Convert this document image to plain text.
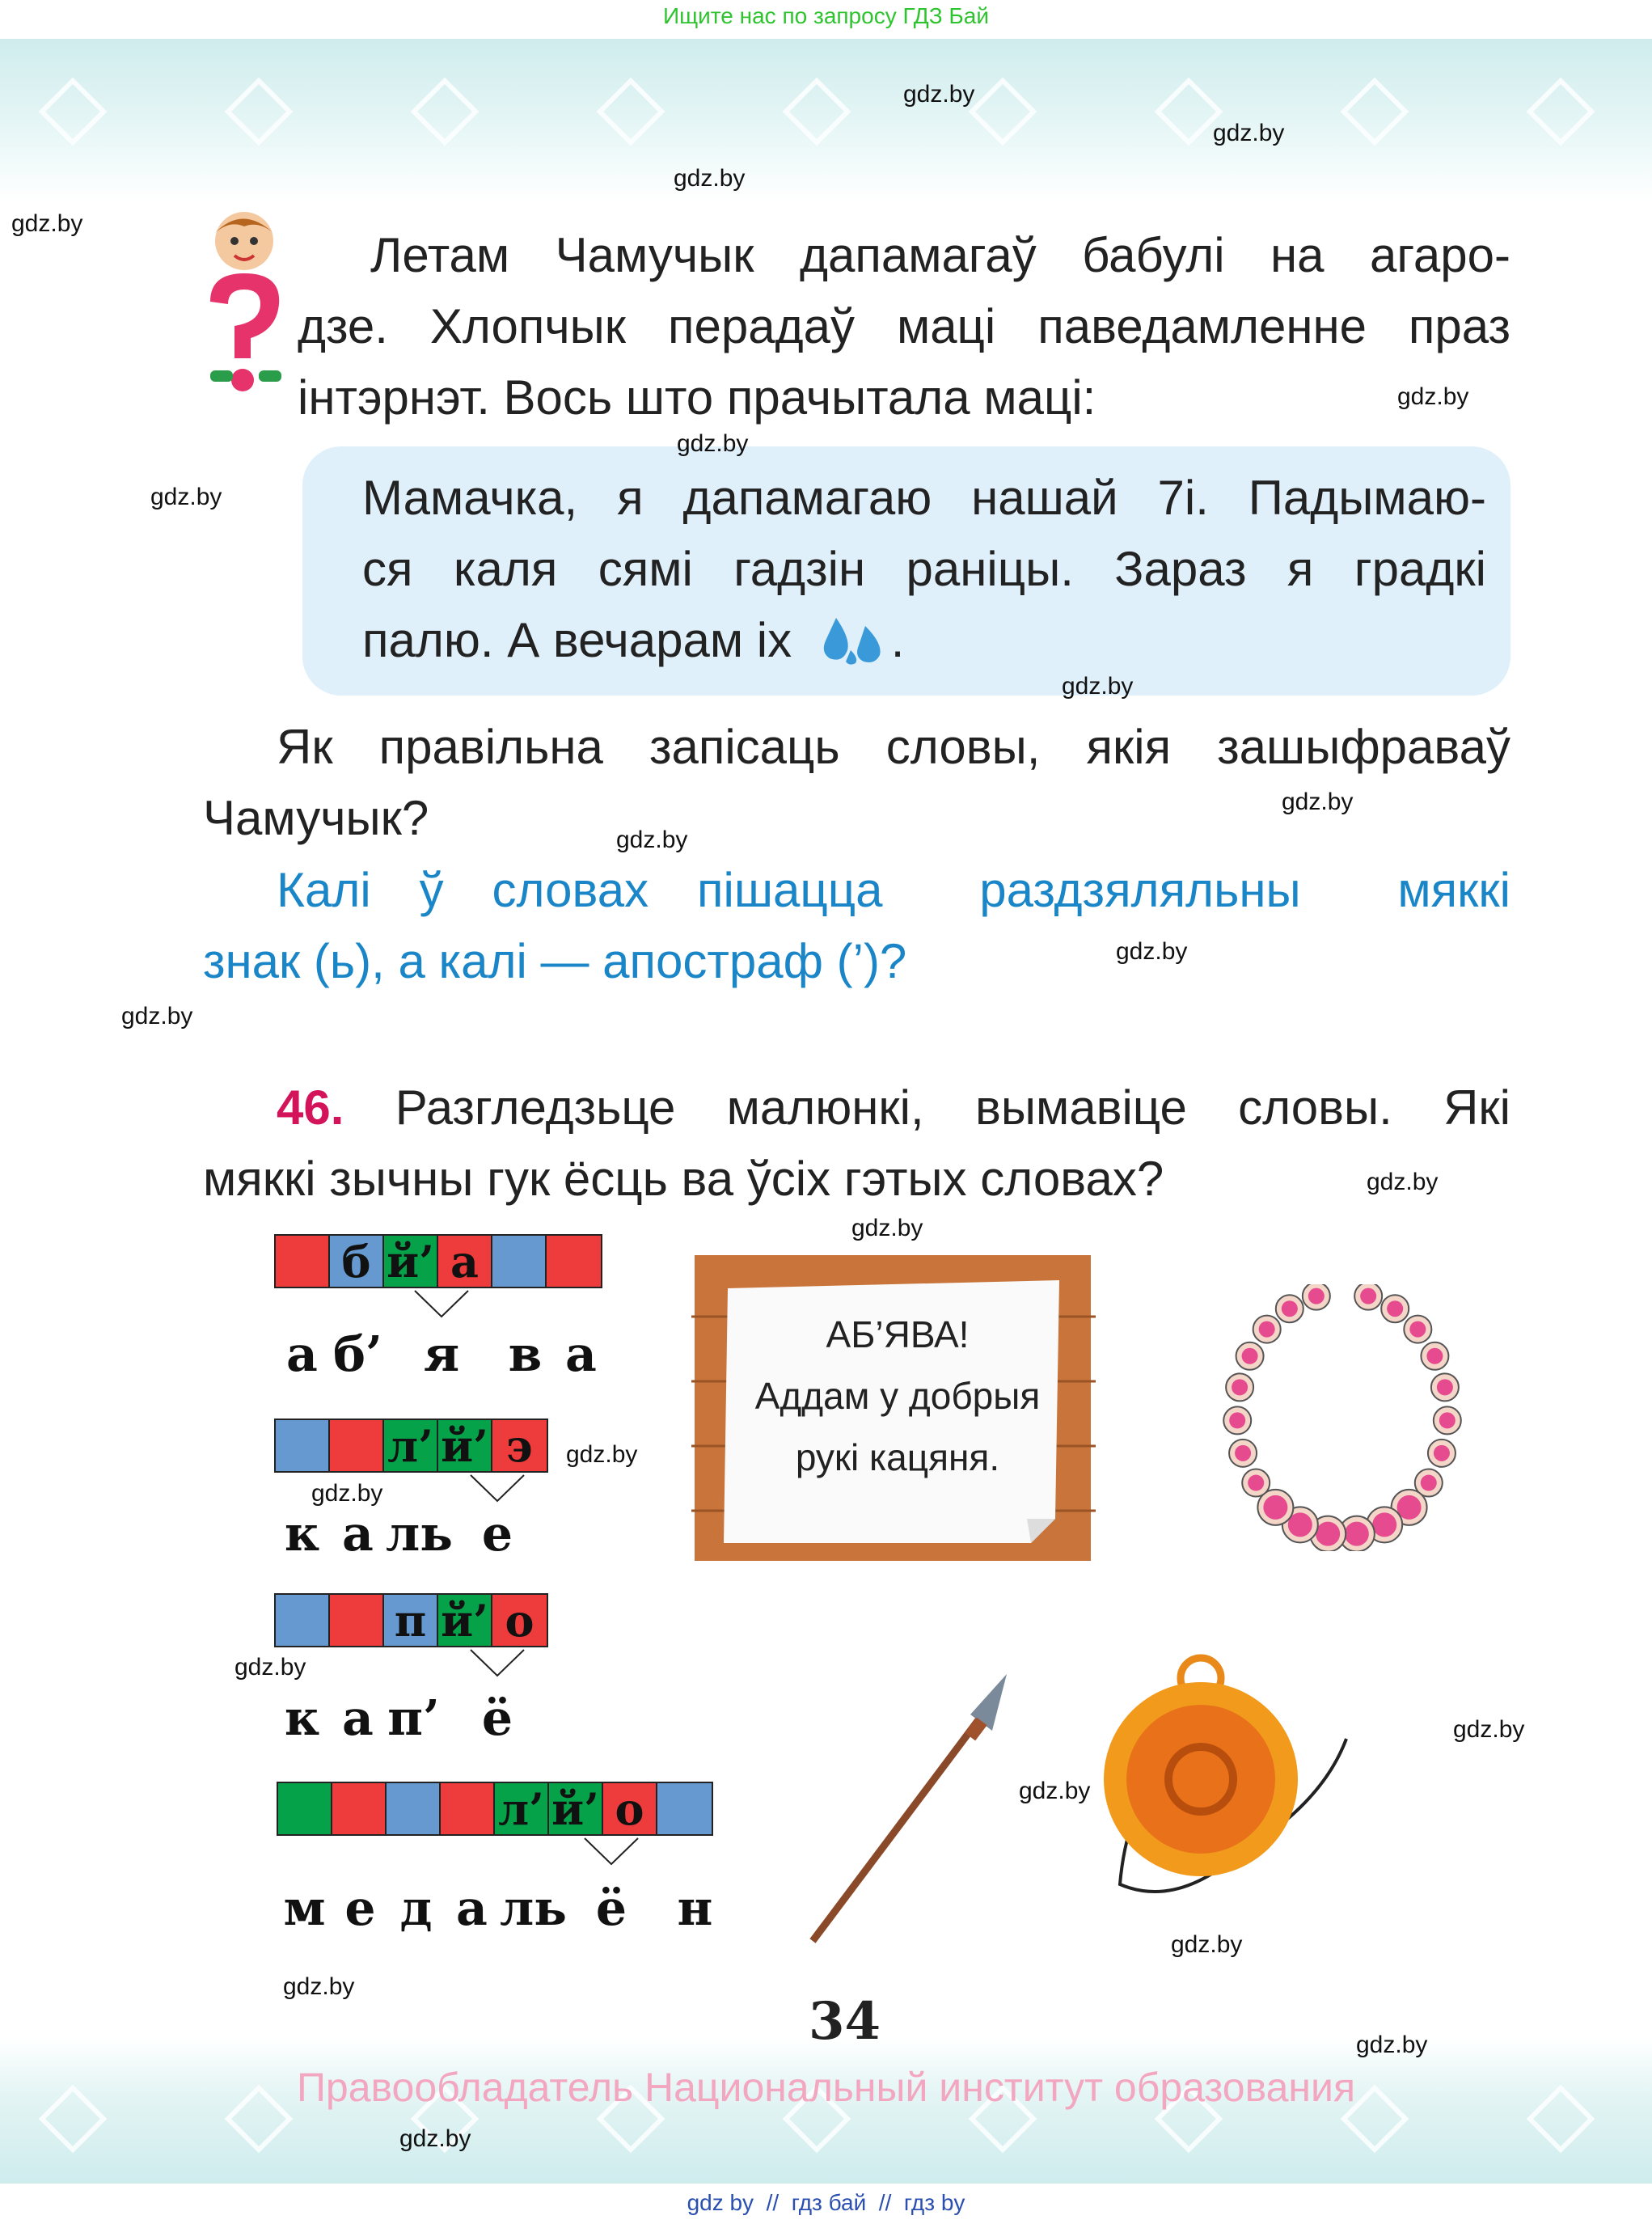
Ищите нас по запросу ГДЗ Бай
Летам Чамучык дапамагаў бабулі на агаро-
дзе. Хлопчык перадаў маці паведамленне праз
інтэрнэт. Вось што прачытала маці:
Мамачка, я дапамагаю нашай 7і. Падымаю-
ся каля сямі гадзін раніцы. Зараз я градкі
палю. А вечарам іх .
Як правільна запісаць словы, якія зашыфраваў
Чамучык?
Калі ў словах пішацца  раздзяляльны  мяккі
знак (ь), а калі — апостраф (’)?
46. Разгледзьце малюнкі, вымавіце словы. Які
мяккі зычны гук ёсць ва ўсіх гэтых словах?
б й’ а
а б’ я	в а
л’ й’ э
к а ль е
п й’ о
к а п’ ё
л’ й’ о
м е д а ль ё	н
АБ’ЯВА!
Аддам у добрыя
рукі кацяня.
34
Правообладатель Национальный институт образования
gdz by  //  гдз бай  //  гдз by
gdz.by
gdz.by
gdz.by
gdz.by
gdz.by
gdz.by
gdz.by
gdz.by
gdz.by
gdz.by
gdz.by
gdz.by
gdz.by
gdz.by
gdz.by
gdz.by
gdz.by
gdz.by
gdz.by
gdz.by
gdz.by
gdz.by
gdz.by
